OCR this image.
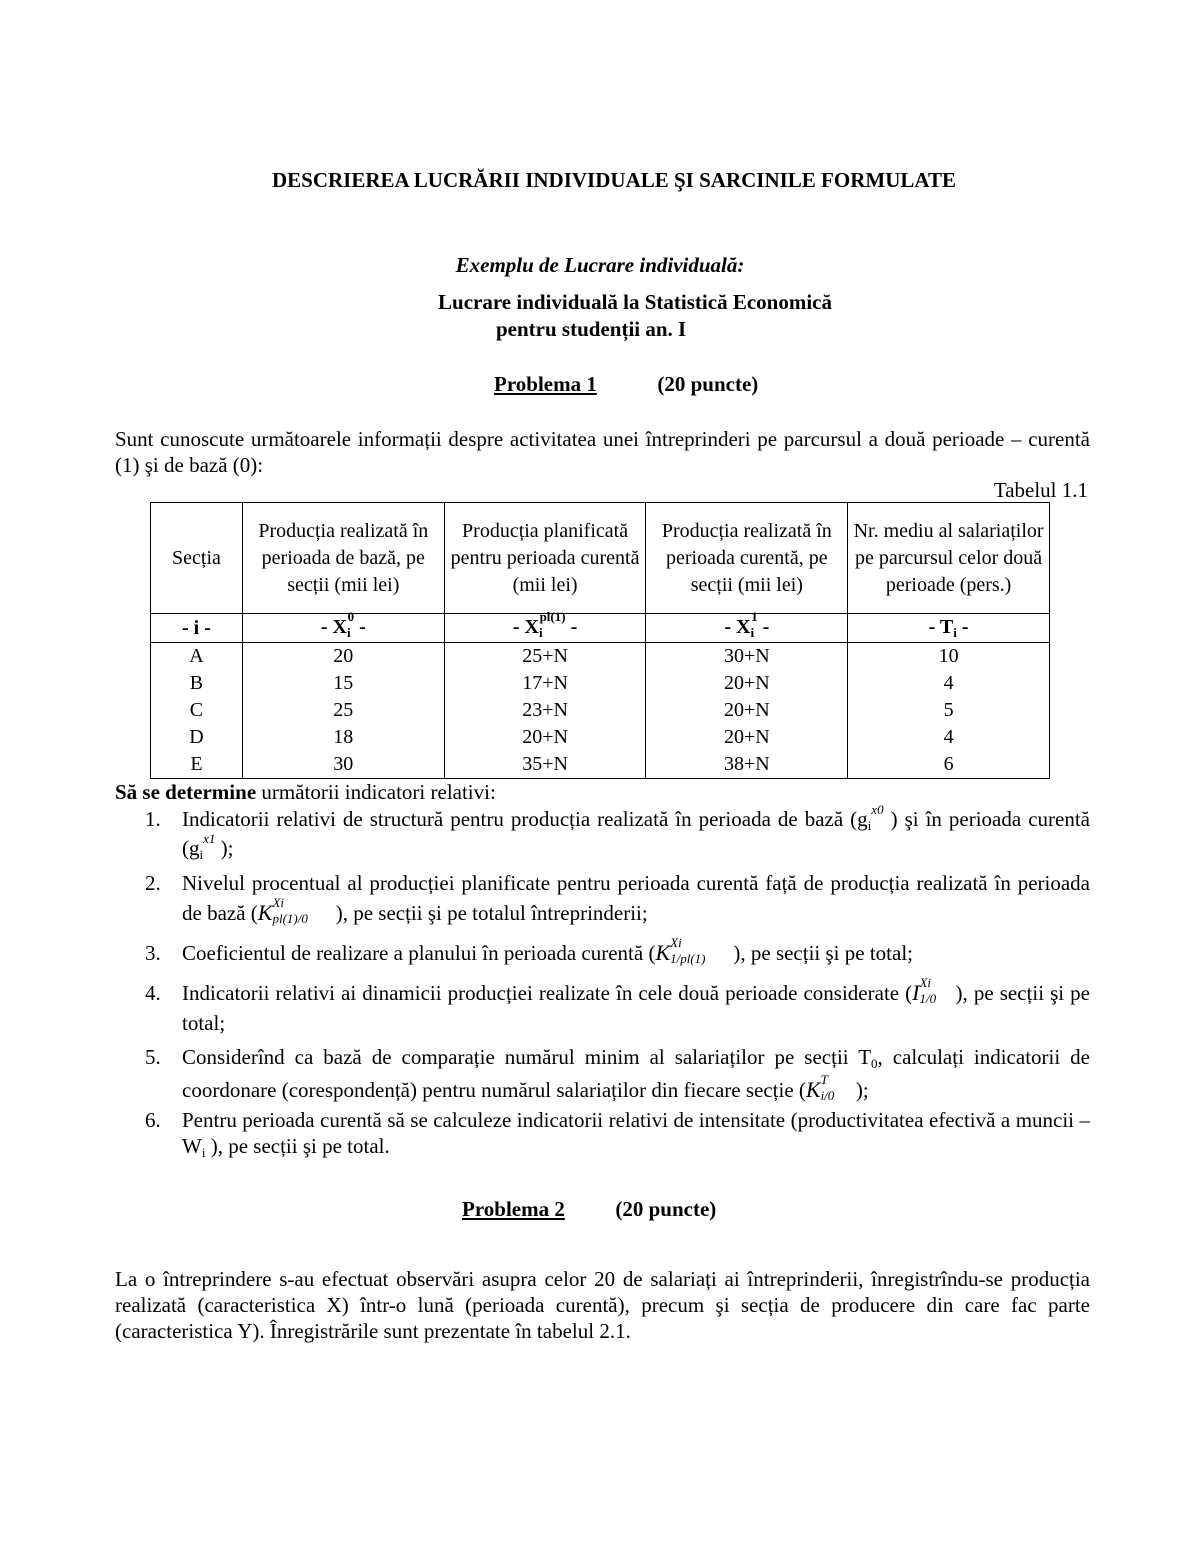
DESCRIEREA LUCRĂRII INDIVIDUALE ŞI SARCINILE FORMULATE
Exemplu de Lucrare individuală:
Lucrare individuală la Statistică Economică
pentru studenții an. I
Problema 1	(20 puncte)
Sunt cunoscute următoarele informații despre activitatea unei întreprinderi pe parcursul a două perioade – curentă (1) şi de bază (0):
Tabelul 1.1
Secția	Producția realizată în perioada de bază, pe secții (mii lei)	Producția planificată pentru perioada curentă (mii lei)	Producția realizată în perioada curentă, pe secții (mii lei)	Nr. mediu al salariaților pe parcursul celor două perioade (pers.)
- i -	- $X_i^0$ -	- $X_i^{pl(1)}$ -	- $X_i^1$ -	- $T_i$ -
A	20	25+N	30+N	10
B	15	17+N	20+N	4
C	25	23+N	20+N	5
D	18	20+N	20+N	4
E	30	35+N	38+N	6
Să se determine următorii indicatori relativi:
1. Indicatorii relativi de structură pentru producția realizată în perioada de bază ($gi^{x0}$ ) şi în perioada curentă ($gi^{x1}$ );
2. Nivelul procentual al producției planificate pentru perioada curentă față de producția realizată în perioada de bază (K Xi
pl(1)/0 ), pe secții şi pe totalul întreprinderii;
3. Coeficientul de realizare a planului în perioada curentă (K Xi
1/pl(1) ), pe secții şi pe total;
4. Indicatorii relativi ai dinamicii producției realizate în cele două perioade considerate (I Xi
1/0 ), pe secții şi pe total;
5. Considerînd ca bază de comparație numărul minim al salariaților pe secții T0, calculați indicatorii de coordonare (corespondență) pentru numărul salariaților din fiecare secție (K T
i/0 );
6. Pentru perioada curentă să se calculeze indicatorii relativi de intensitate (productivitatea efectivă a muncii – Wi ), pe secții şi pe total.
Problema 2 (20 puncte)
La o întreprindere s-au efectuat observări asupra celor 20 de salariați ai întreprinderii, înregistrîndu-se producția realizată (caracteristica X) într-o lună (perioada curentă), precum şi secția de producere din care fac parte (caracteristica Y). Înregistrările sunt prezentate în tabelul 2.1.
